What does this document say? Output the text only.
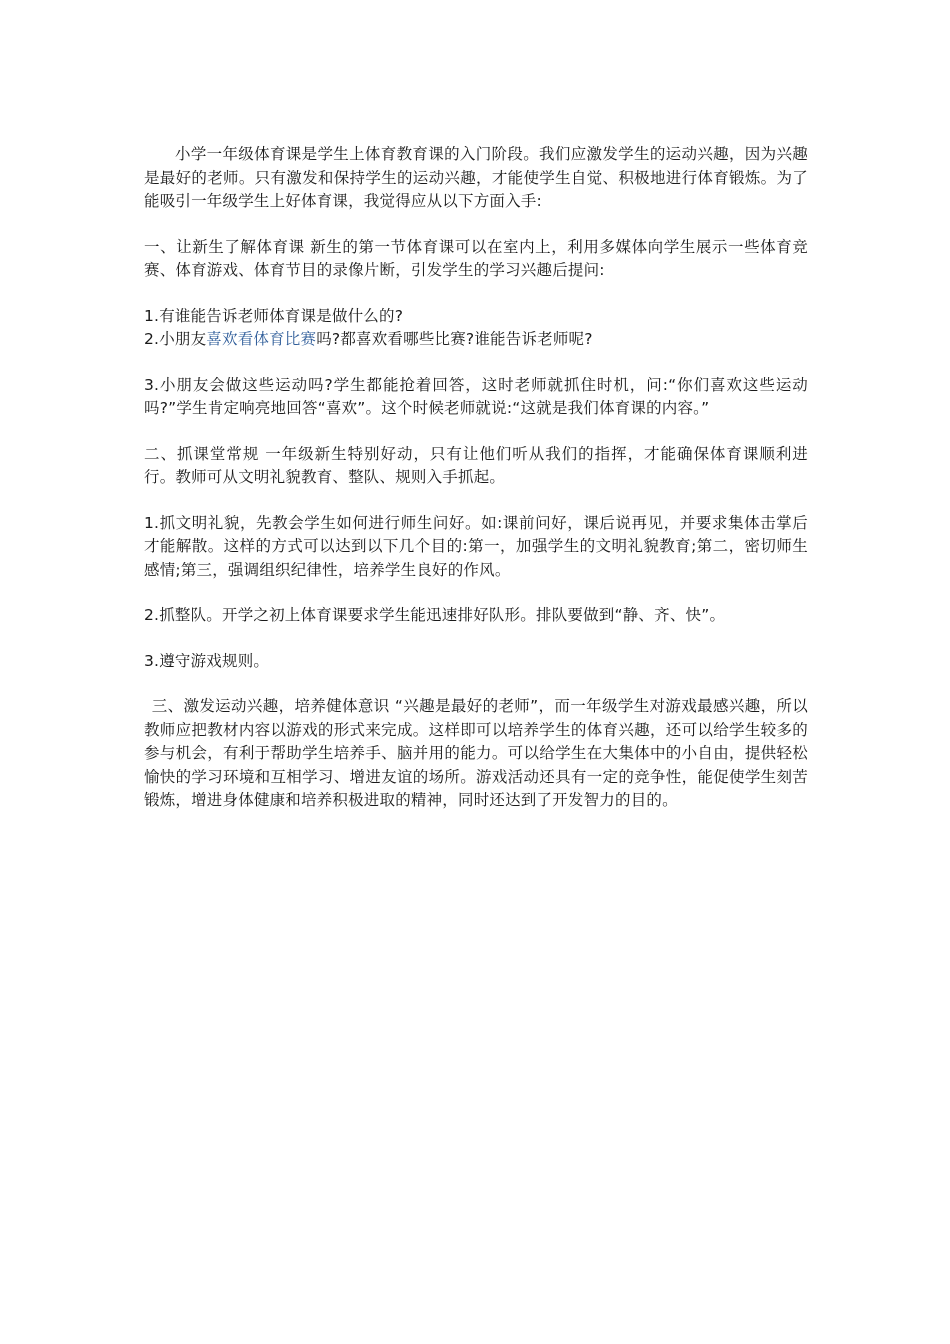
小学一年级体育课是学生上体育教育课的入门阶段。我们应激发学生的运动兴趣，因为兴趣是最好的老师。只有激发和保持学生的运动兴趣，才能使学生自觉、积极地进行体育锻炼。为了能吸引一年级学生上好体育课，我觉得应从以下方面入手:

一、让新生了解体育课 新生的第一节体育课可以在室内上，利用多媒体向学生展示一些体育竞赛、体育游戏、体育节目的录像片断，引发学生的学习兴趣后提问:

1.有谁能告诉老师体育课是做什么的?

2.小朋友喜欢看体育比赛吗?都喜欢看哪些比赛?谁能告诉老师呢?

3.小朋友会做这些运动吗?学生都能抢着回答，这时老师就抓住时机，问:“你们喜欢这些运动吗?”学生肯定响亮地回答“喜欢”。这个时候老师就说:“这就是我们体育课的内容。”

二、抓课堂常规 一年级新生特别好动，只有让他们听从我们的指挥，才能确保体育课顺利进行。教师可从文明礼貌教育、整队、规则入手抓起。

1.抓文明礼貌，先教会学生如何进行师生问好。如:课前问好，课后说再见，并要求集体击掌后才能解散。这样的方式可以达到以下几个目的:第一，加强学生的文明礼貌教育;第二，密切师生感情;第三，强调组织纪律性，培养学生良好的作风。

2.抓整队。开学之初上体育课要求学生能迅速排好队形。排队要做到“静、齐、快”。

3.遵守游戏规则。

三、激发运动兴趣，培养健体意识 “兴趣是最好的老师”，而一年级学生对游戏最感兴趣，所以教师应把教材内容以游戏的形式来完成。这样即可以培养学生的体育兴趣，还可以给学生较多的参与机会，有利于帮助学生培养手、脑并用的能力。可以给学生在大集体中的小自由，提供轻松愉快的学习环境和互相学习、增进友谊的场所。游戏活动还具有一定的竞争性，能促使学生刻苦锻炼，增进身体健康和培养积极进取的精神，同时还达到了开发智力的目的。
